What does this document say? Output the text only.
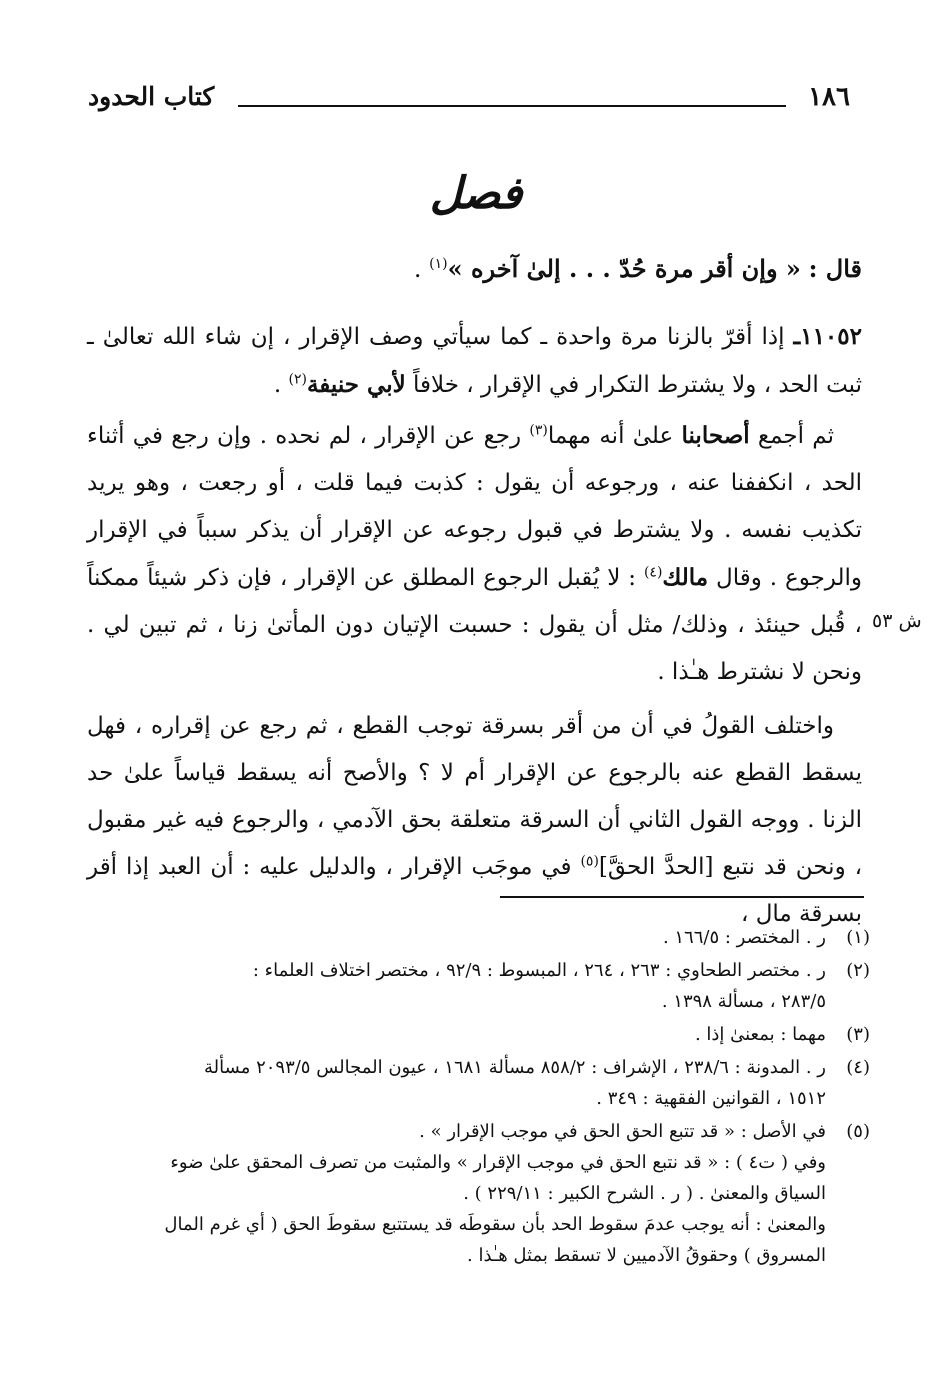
١٨٦
كتاب الحدود
فصل
قال : « وإن أقر مرة حُدّ . . . إلىٰ آخره »$^{(١)}$ .
١١٠٥٢ـ إذا أقرّ بالزنا مرة واحدة ـ كما سيأتي وصف الإقرار ، إن شاء الله تعالىٰ ـ ثبت الحد ، ولا يشترط التكرار في الإقرار ، خلافاً لأبي حنيفة$^{(٢)}$ .
ثم أجمع أصحابنا علىٰ أنه مهما$^{(٣)}$ رجع عن الإقرار ، لم نحده . وإن رجع في أثناء الحد ، انكففنا عنه ، ورجوعه أن يقول : كذبت فيما قلت ، أو رجعت ، وهو يريد تكذيب نفسه . ولا يشترط في قبول رجوعه عن الإقرار أن يذكر سبباً في الإقرار والرجوع . وقال مالك$^{(٤)}$ : لا يُقبل الرجوع المطلق عن الإقرار ، فإن ذكر شيئاً ممكناً ، قُبل حينئذ ، وذلك/ مثل أن يقول : حسبت الإتيان دون المأتىٰ زنا ، ثم تبين لي . ونحن لا نشترط هـٰذا .
ش ٥٣
واختلف القولُ في أن من أقر بسرقة توجب القطع ، ثم رجع عن إقراره ، فهل يسقط القطع عنه بالرجوع عن الإقرار أم لا ؟ والأصح أنه يسقط قياساً علىٰ حد الزنا . ووجه القول الثاني أن السرقة متعلقة بحق الآدمي ، والرجوع فيه غير مقبول ، ونحن قد نتبع [الحدَّ الحقَّ]$^{(٥)}$ في موجَب الإقرار ، والدليل عليه : أن العبد إذا أقر بسرقة مال ،
(١)
ر . المختصر : ١٦٦/٥ .
(٢)
ر . مختصر الطحاوي : ٢٦٣ ، ٢٦٤ ، المبسوط : ٩٢/٩ ، مختصر اختلاف العلماء :
٢٨٣/٥ ، مسألة ١٣٩٨ .
(٣)
مهما : بمعنىٰ إذا .
(٤)
ر . المدونة : ٢٣٨/٦ ، الإشراف : ٨٥٨/٢ مسألة ١٦٨١ ، عيون المجالس ٢٠٩٣/٥ مسألة
١٥١٢ ، القوانين الفقهية : ٣٤٩ .
(٥)
في الأصل : « قد تتبع الحق الحق في موجب الإقرار » .
وفي ( ت٤ ) : « قد نتبع الحق في موجب الإقرار » والمثبت من تصرف المحقق علىٰ ضوء
السياق والمعنىٰ . ( ر . الشرح الكبير : ٢٢٩/١١ ) .
والمعنىٰ : أنه يوجب عدمَ سقوط الحد بأن سقوطَه قد يستتبع سقوطَ الحق ( أي غرم المال
المسروق ) وحقوقُ الآدميين لا تسقط بمثل هـٰذا .
